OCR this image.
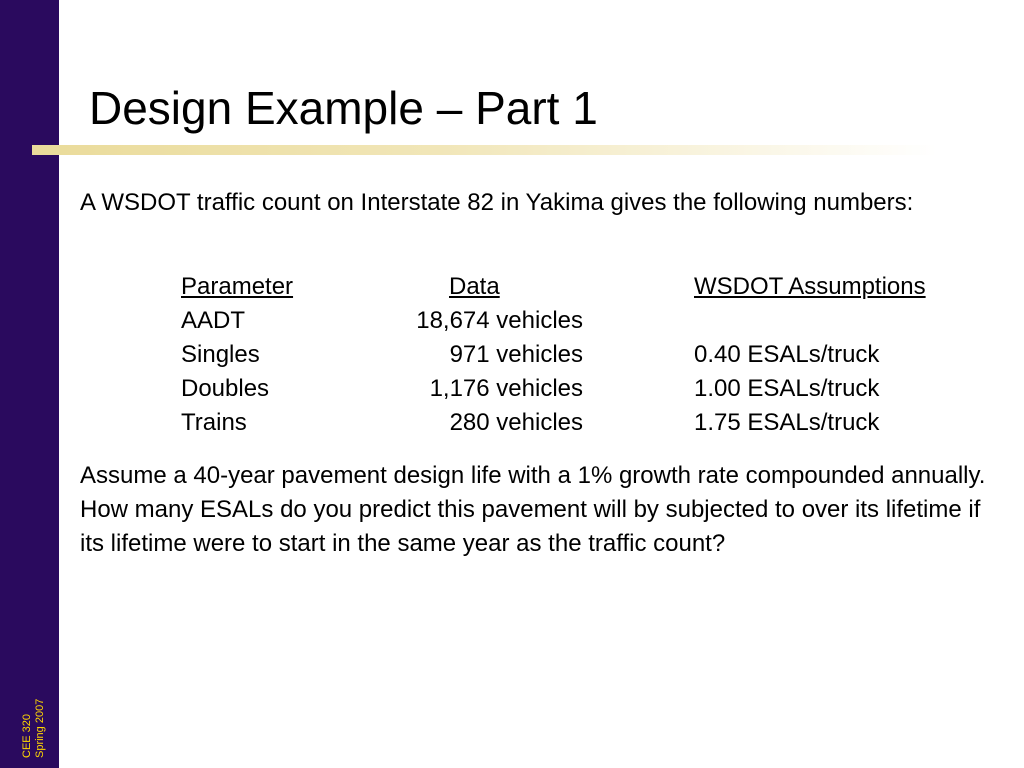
CEE 320 Spring 2007
Design Example – Part 1

A WSDOT traffic count on Interstate 82 in Yakima gives the following numbers:

Parameter	Data	WSDOT Assumptions
AADT	18,674 vehicles
Singles	971 vehicles	0.40 ESALs/truck
Doubles	1,176 vehicles	1.00 ESALs/truck
Trains	280 vehicles	1.75 ESALs/truck

Assume a 40-year pavement design life with a 1% growth rate compounded annually. How many ESALs do you predict this pavement will by subjected to over its lifetime if its lifetime were to start in the same year as the traffic count?
